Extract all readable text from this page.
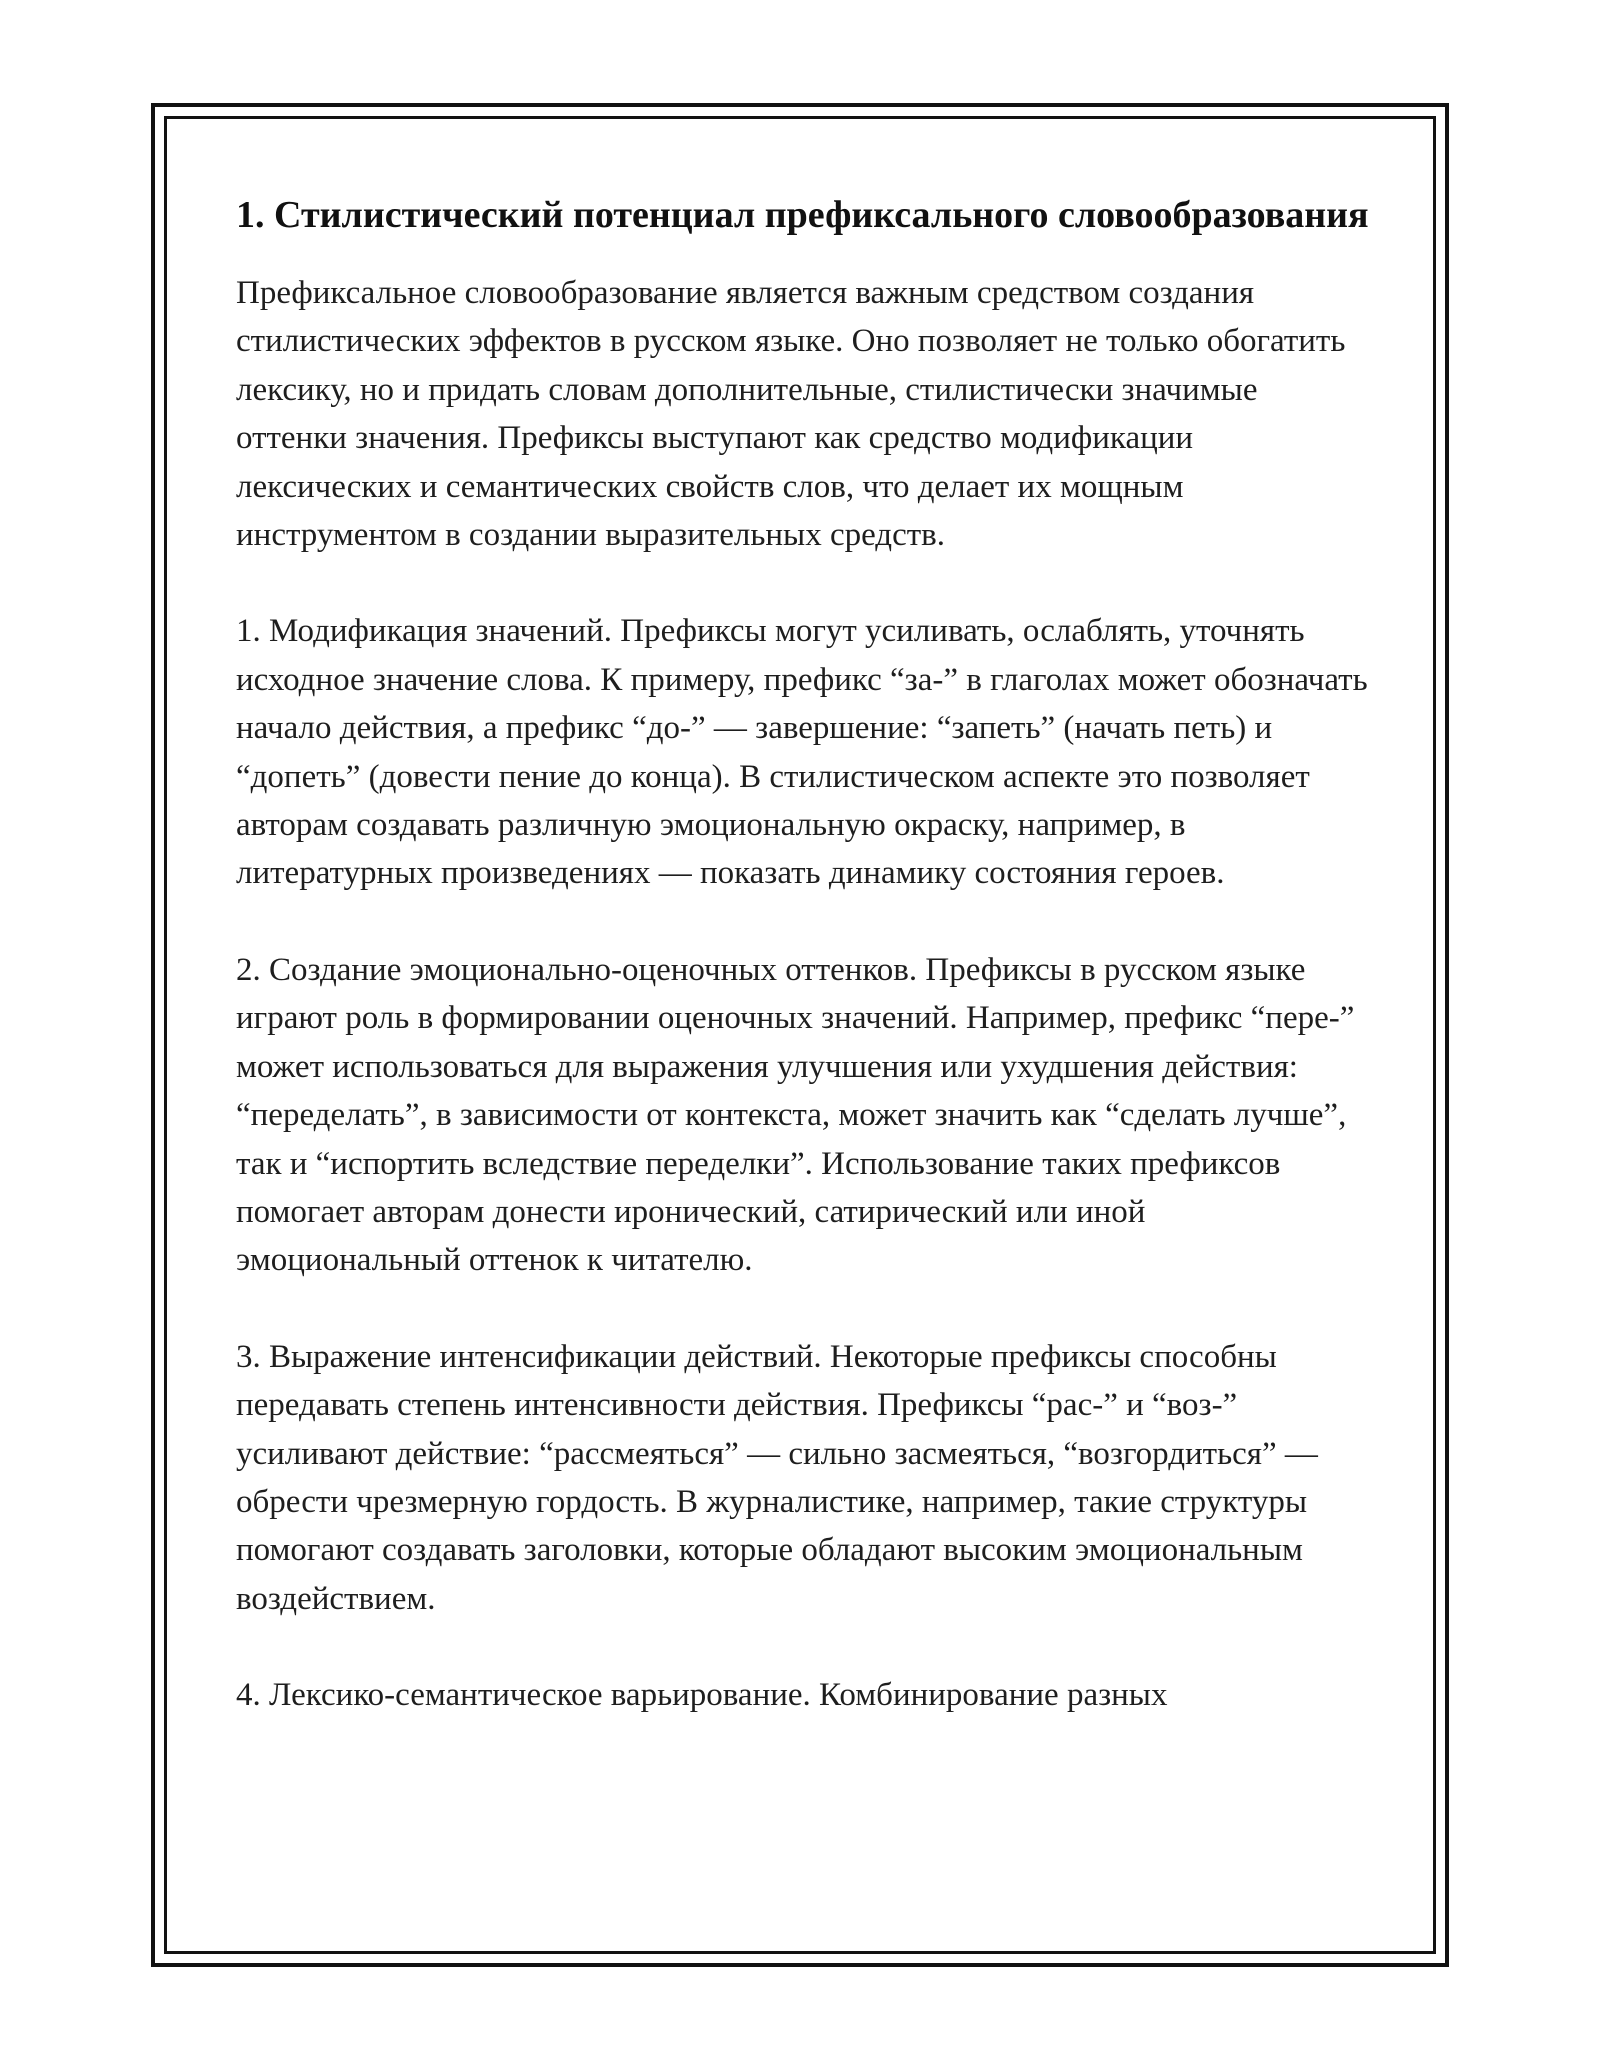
1. Стилистический потенциал префиксального словообразования

Префиксальное словообразование является важным средством создания стилистических эффектов в русском языке. Оно позволяет не только обогатить лексику, но и придать словам дополнительные, стилистически значимые оттенки значения. Префиксы выступают как средство модификации лексических и семантических свойств слов, что делает их мощным инструментом в создании выразительных средств.

1. Модификация значений. Префиксы могут усиливать, ослаблять, уточнять исходное значение слова. К примеру, префикс “за-” в глаголах может обозначать начало действия, а префикс “до-” — завершение: “запеть” (начать петь) и “допеть” (довести пение до конца). В стилистическом аспекте это позволяет авторам создавать различную эмоциональную окраску, например, в литературных произведениях — показать динамику состояния героев.

2. Создание эмоционально-оценочных оттенков. Префиксы в русском языке играют роль в формировании оценочных значений. Например, префикс “пере-” может использоваться для выражения улучшения или ухудшения действия: “переделать”, в зависимости от контекста, может значить как “сделать лучше”, так и “испортить вследствие переделки”. Использование таких префиксов помогает авторам донести иронический, сатирический или иной эмоциональный оттенок к читателю.

3. Выражение интенсификации действий. Некоторые префиксы способны передавать степень интенсивности действия. Префиксы “рас-” и “воз-” усиливают действие: “рассмеяться” — сильно засмеяться, “возгордиться” — обрести чрезмерную гордость. В журналистике, например, такие структуры помогают создавать заголовки, которые обладают высоким эмоциональным воздействием.

4. Лексико-семантическое варьирование. Комбинирование разных
